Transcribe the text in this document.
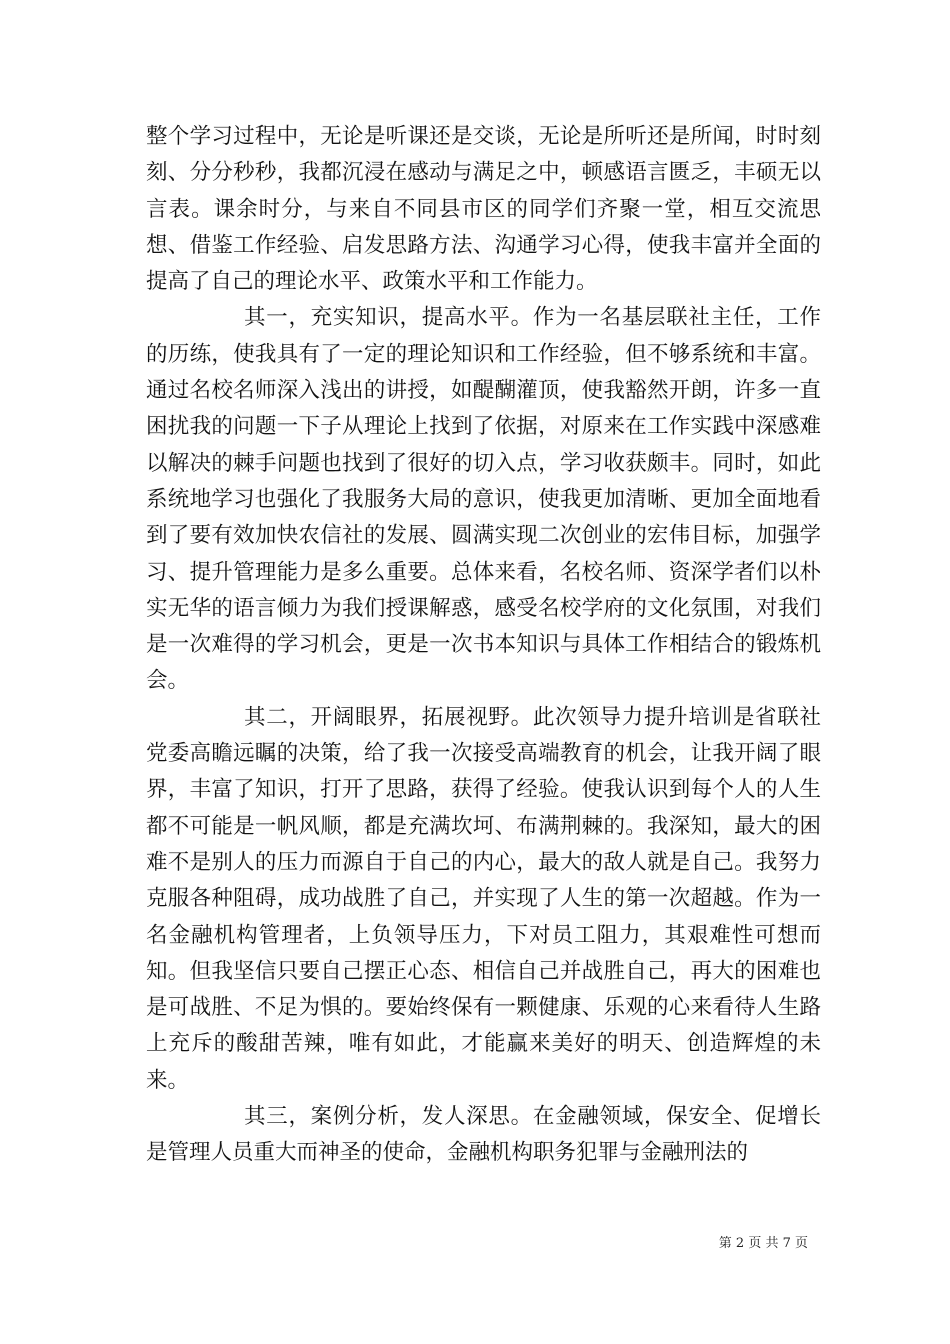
整个学习过程中，无论是听课还是交谈，无论是所听还是所闻，时时刻刻、分分秒秒，我都沉浸在感动与满足之中，顿感语言匮乏，丰硕无以言表。课余时分，与来自不同县市区的同学们齐聚一堂，相互交流思想、借鉴工作经验、启发思路方法、沟通学习心得，使我丰富并全面的提高了自己的理论水平、政策水平和工作能力。

其一，充实知识，提高水平。作为一名基层联社主任，工作的历练，使我具有了一定的理论知识和工作经验，但不够系统和丰富。通过名校名师深入浅出的讲授，如醍醐灌顶，使我豁然开朗，许多一直困扰我的问题一下子从理论上找到了依据，对原来在工作实践中深感难以解决的棘手问题也找到了很好的切入点，学习收获颇丰。同时，如此系统地学习也强化了我服务大局的意识，使我更加清晰、更加全面地看到了要有效加快农信社的发展、圆满实现二次创业的宏伟目标，加强学习、提升管理能力是多么重要。总体来看，名校名师、资深学者们以朴实无华的语言倾力为我们授课解惑，感受名校学府的文化氛围，对我们是一次难得的学习机会，更是一次书本知识与具体工作相结合的锻炼机会。

其二，开阔眼界，拓展视野。此次领导力提升培训是省联社党委高瞻远瞩的决策，给了我一次接受高端教育的机会，让我开阔了眼界，丰富了知识，打开了思路，获得了经验。使我认识到每个人的人生都不可能是一帆风顺，都是充满坎坷、布满荆棘的。我深知，最大的困难不是别人的压力而源自于自己的内心，最大的敌人就是自己。我努力克服各种阻碍，成功战胜了自己，并实现了人生的第一次超越。作为一名金融机构管理者，上负领导压力，下对员工阻力，其艰难性可想而知。但我坚信只要自己摆正心态、相信自己并战胜自己，再大的困难也是可战胜、不足为惧的。要始终保有一颗健康、乐观的心来看待人生路上充斥的酸甜苦辣，唯有如此，才能赢来美好的明天、创造辉煌的未来。

其三，案例分析，发人深思。在金融领域，保安全、促增长是管理人员重大而神圣的使命，金融机构职务犯罪与金融刑法的

第 2 页 共 7 页
